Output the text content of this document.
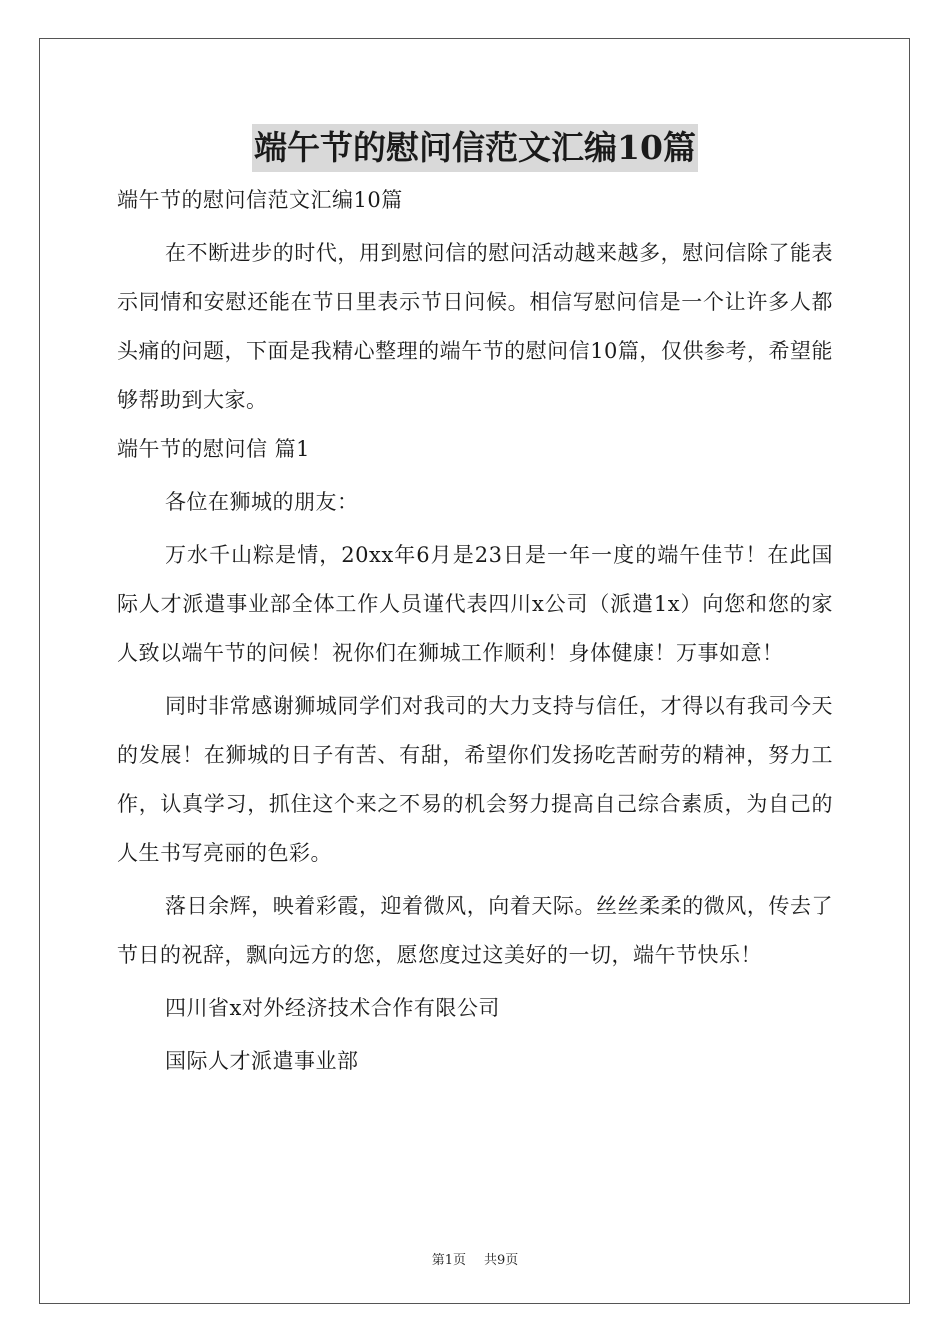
端午节的慰问信范文汇编10篇

端午节的慰问信范文汇编10篇

在不断进步的时代，用到慰问信的慰问活动越来越多，慰问信除了能表示同情和安慰还能在节日里表示节日问候。相信写慰问信是一个让许多人都头痛的问题，下面是我精心整理的端午节的慰问信10篇，仅供参考，希望能够帮助到大家。

端午节的慰问信 篇1

各位在狮城的朋友：

万水千山粽是情，20xx年6月是23日是一年一度的端午佳节！在此国际人才派遣事业部全体工作人员谨代表四川x公司（派遣1x）向您和您的家人致以端午节的问候！祝你们在狮城工作顺利！身体健康！万事如意！

同时非常感谢狮城同学们对我司的大力支持与信任，才得以有我司今天的发展！在狮城的日子有苦、有甜，希望你们发扬吃苦耐劳的精神，努力工作，认真学习，抓住这个来之不易的机会努力提高自己综合素质，为自己的人生书写亮丽的色彩。

落日余辉，映着彩霞，迎着微风，向着天际。丝丝柔柔的微风，传去了节日的祝辞，飘向远方的您，愿您度过这美好的一切，端午节快乐！

四川省x对外经济技术合作有限公司

国际人才派遣事业部

第1页 共9页
